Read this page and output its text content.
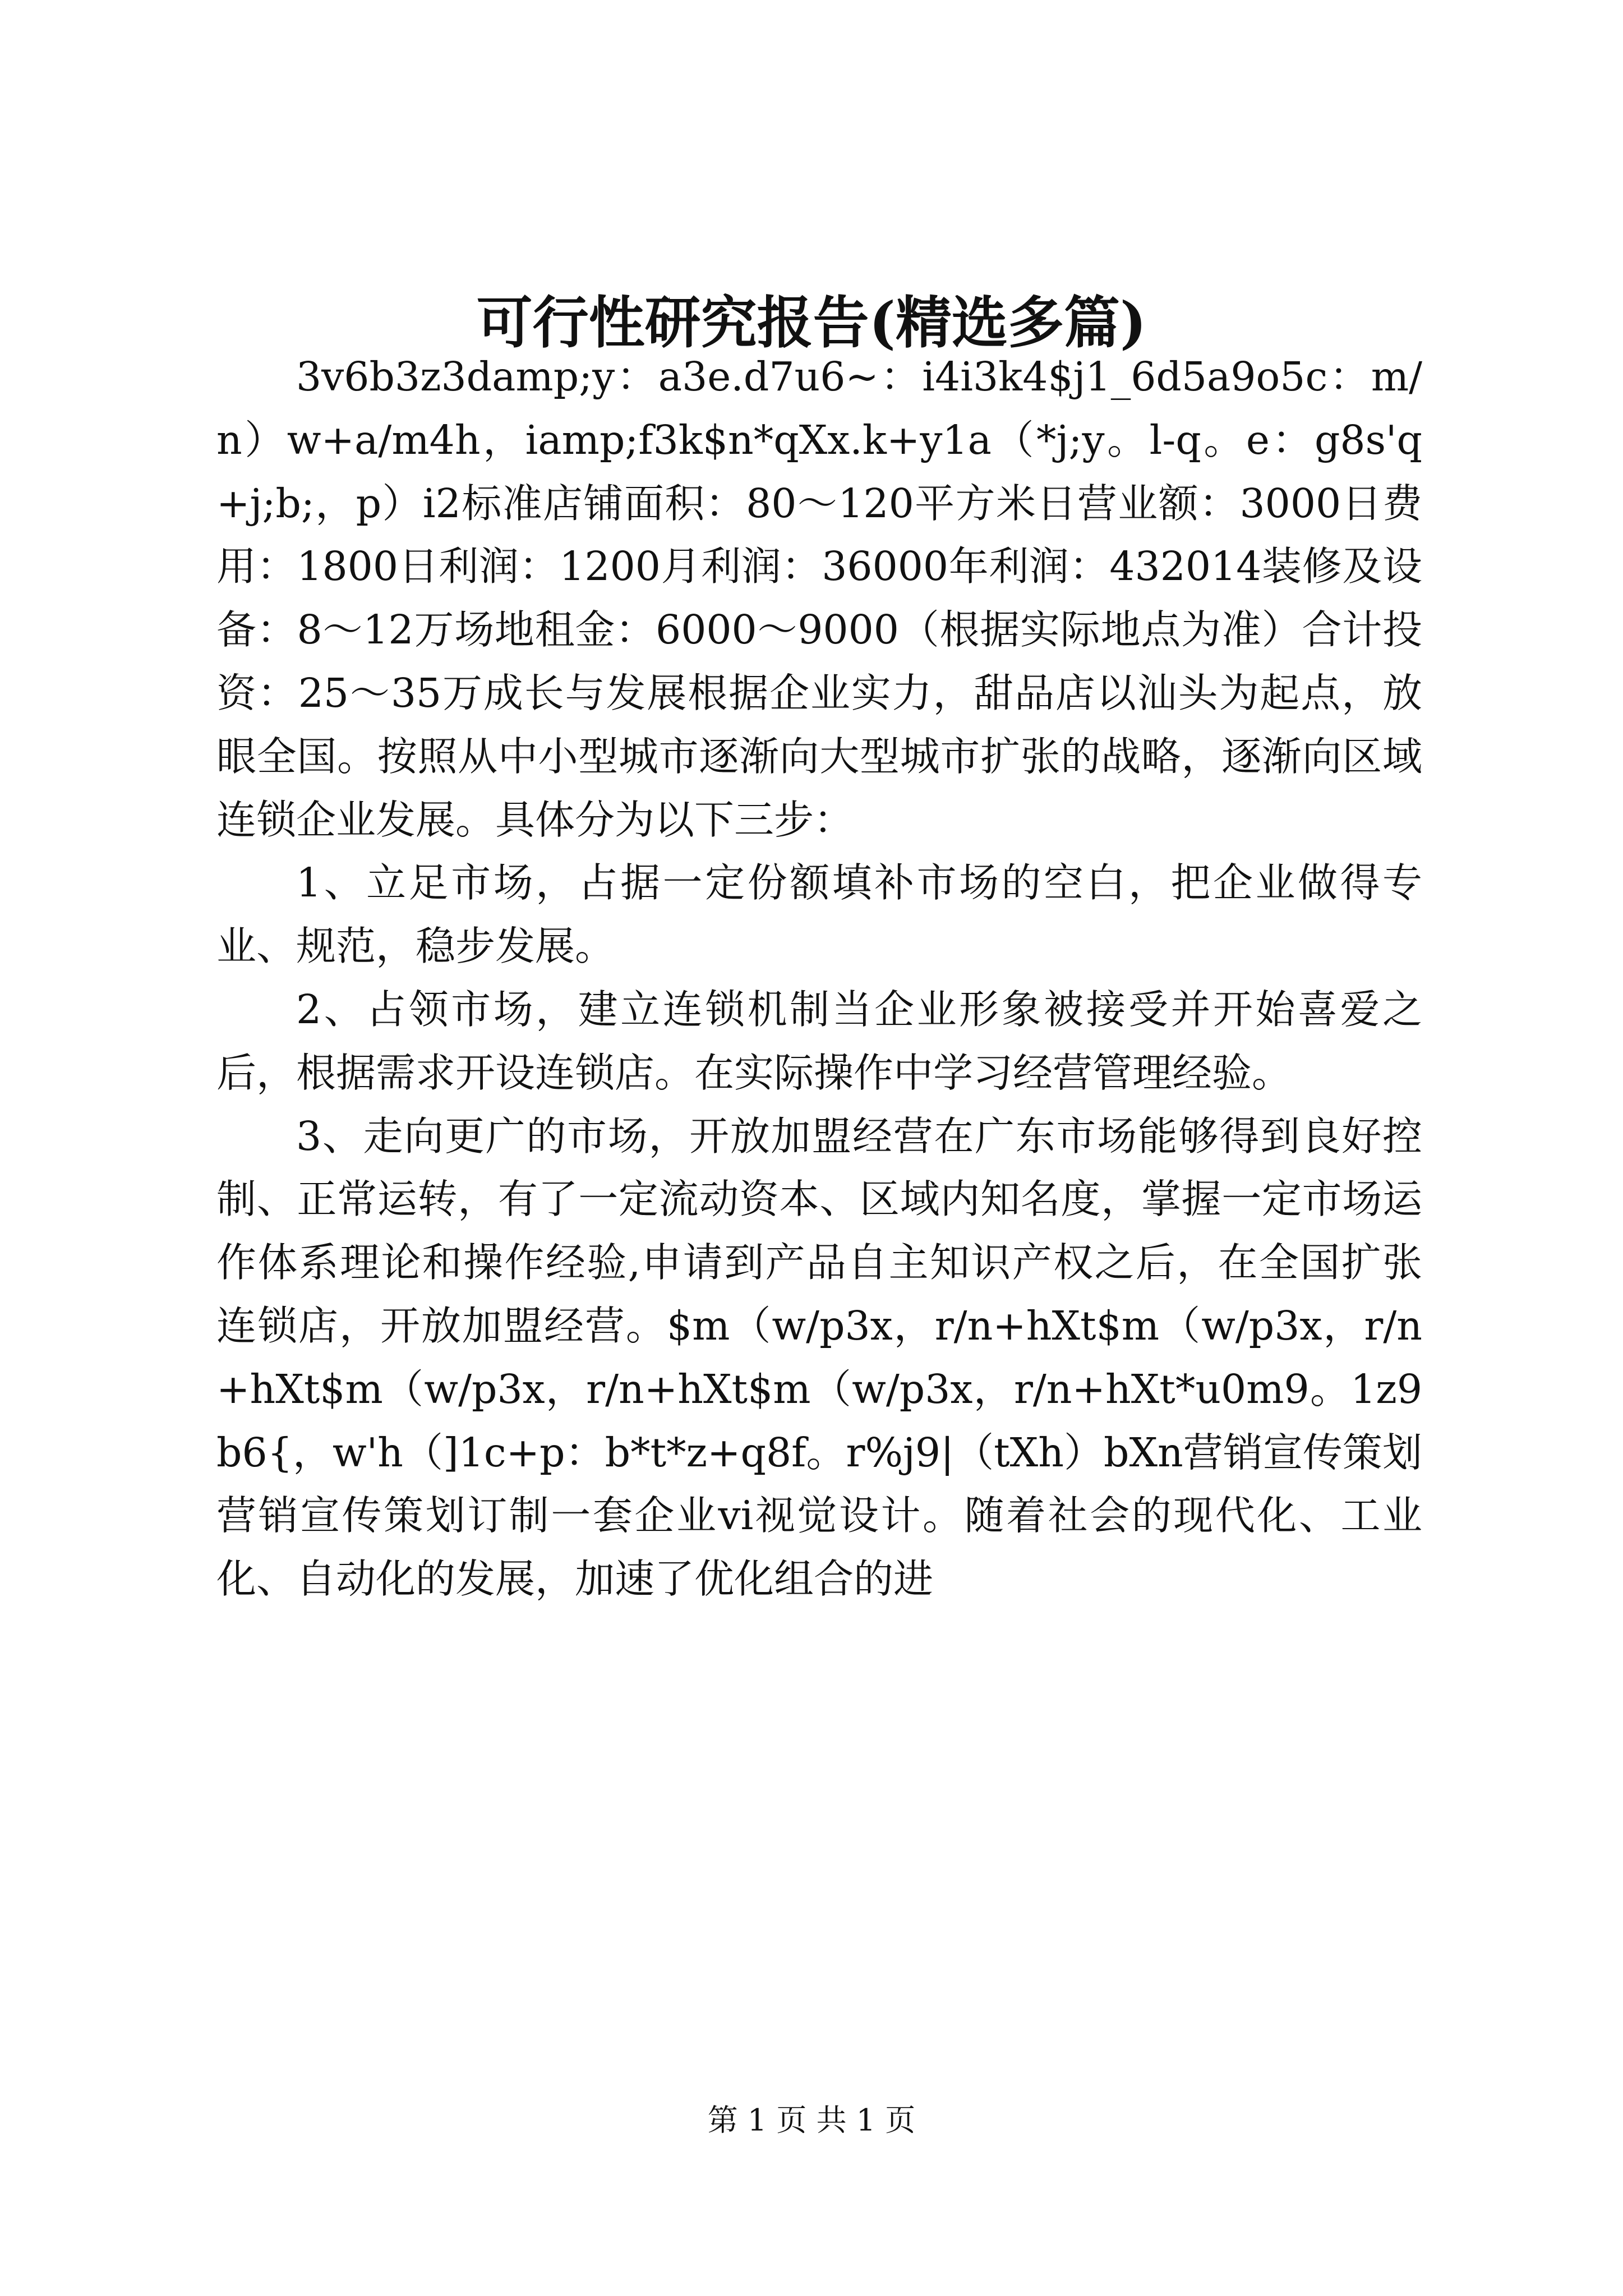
可行性研究报告(精选多篇)

3v6b3z3damp;y：a3e.d7u6~：i4i3k4$j1_6d5a9o5c：m/n）w+a/m4h，iamp;f3k$n*qXx.k+y1a（*j;y。l-q。e：g8s'q+j;b;，p）i2标准店铺面积：80～120平方米日营业额：3000日费用：1800日利润：1200月利润：36000年利润：432014装修及设备：8～12万场地租金：6000～9000（根据实际地点为准）合计投资：25～35万成长与发展根据企业实力，甜品店以汕头为起点，放眼全国。按照从中小型城市逐渐向大型城市扩张的战略，逐渐向区域连锁企业发展。具体分为以下三步：

1、立足市场，占据一定份额填补市场的空白，把企业做得专业、规范，稳步发展。

2、占领市场，建立连锁机制当企业形象被接受并开始喜爱之后，根据需求开设连锁店。在实际操作中学习经营管理经验。

3、走向更广的市场，开放加盟经营在广东市场能够得到良好控制、正常运转，有了一定流动资本、区域内知名度，掌握一定市场运作体系理论和操作经验,申请到产品自主知识产权之后，在全国扩张连锁店，开放加盟经营。$m（w/p3x，r/n+hXt$m（w/p3x，r/n+hXt$m（w/p3x，r/n+hXt$m（w/p3x，r/n+hXt*u0m9。1z9b6{，w'h（]1c+p：b*t*z+q8f。r%j9|（tXh）bXn营销宣传策划营销宣传策划订制一套企业vi视觉设计。随着社会的现代化、工业化、自动化的发展，加速了优化组合的进

第 1 页 共 1 页
